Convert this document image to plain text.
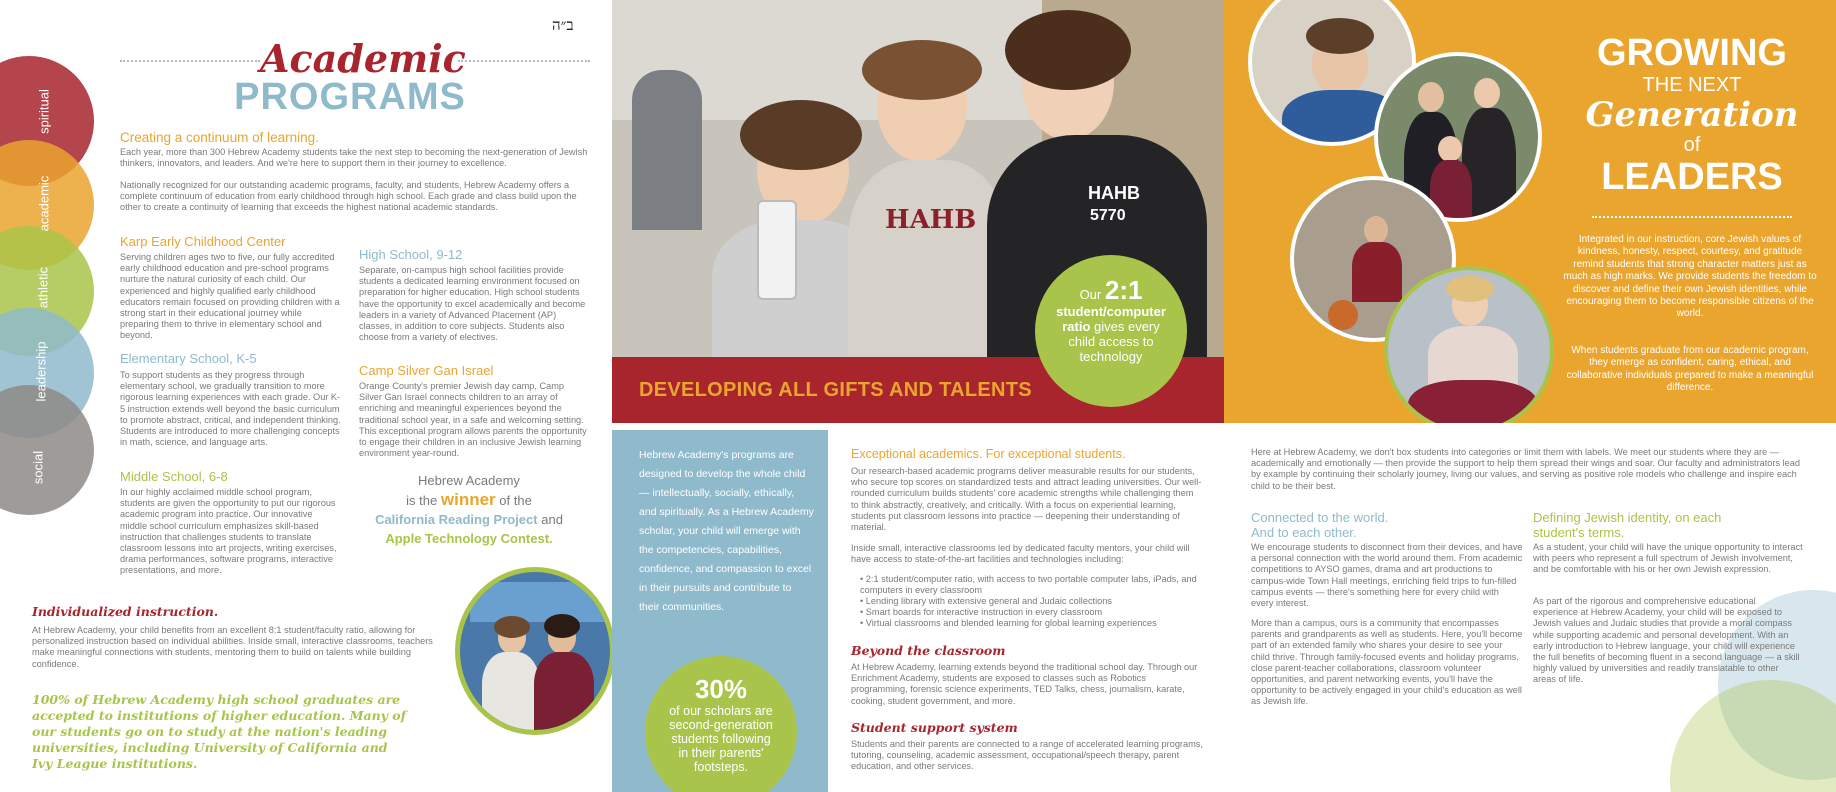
spiritual
academic
athletic
leadership
social
ב״ה
Academic
PROGRAMS
Creating a continuum of learning.

Each year, more than 300 Hebrew Academy students take the next step to becoming the next-generation of Jewish thinkers, innovators, and leaders. And we're here to support them in their journey to excellence.

Nationally recognized for our outstanding academic programs, faculty, and students, Hebrew Academy offers a complete continuum of education from early childhood through high school. Each grade and class build upon the other to create a continuity of learning that exceeds the highest national academic standards.

Karp Early Childhood Center

Serving children ages two to five, our fully accredited early childhood education and pre-school programs nurture the natural curiosity of each child. Our experienced and highly qualified early childhood educators remain focused on providing children with a strong start in their educational journey while preparing them to thrive in elementary school and beyond.

Elementary School, K-5

To support students as they progress through elementary school, we gradually transition to more rigorous learning experiences with each grade. Our K-5 instruction extends well beyond the basic curriculum to promote abstract, critical, and independent thinking. Students are introduced to more challenging concepts in math, science, and language arts.

Middle School, 6-8

In our highly acclaimed middle school program, students are given the opportunity to put our rigorous academic program into practice. Our innovative middle school curriculum emphasizes skill-based instruction that challenges students to translate classroom lessons into art projects, writing exercises, drama performances, software programs, interactive presentations, and more.

High School, 9-12

Separate, on-campus high school facilities provide students a dedicated learning environment focused on preparation for higher education. High school students have the opportunity to excel academically and become leaders in a variety of Advanced Placement (AP) classes, in addition to core subjects. Students also choose from a variety of electives.

Camp Silver Gan Israel

Orange County's premier Jewish day camp, Camp Silver Gan Israel connects children to an array of enriching and meaningful experiences beyond the traditional school year, in a safe and welcoming setting. This exceptional program allows parents the opportunity to engage their children in an inclusive Jewish learning environment year-round.

Hebrew Academy
is the winner of the
California Reading Project and
Apple Technology Contest.
Individualized instruction.

At Hebrew Academy, your child benefits from an excellent 8:1 student/faculty ratio, allowing for personalized instruction based on individual abilities. Inside small, interactive classrooms, teachers make meaningful connections with students, mentoring them to build on talents while building confidence.

100% of Hebrew Academy high school graduates are accepted to institutions of higher education. Many of our students go on to study at the nation's leading universities, including University of California and Ivy League institutions.
HAHB
HAHB
5770
DEVELOPING ALL GIFTS AND TALENTS
Our 2:1
student/computer
ratio gives every
child access to
technology
Hebrew Academy's programs are designed to develop the whole child — intellectually, socially, ethically, and spiritually. As a Hebrew Academy scholar, your child will emerge with the competencies, capabilities, confidence, and compassion to excel in their pursuits and contribute to their communities.
30%
of our scholars are
second-generation
students following
in their parents'
footsteps.
Exceptional academics. For exceptional students.

Our research-based academic programs deliver measurable results for our students, who secure top scores on standardized tests and attract leading universities. Our well-rounded curriculum builds students' core academic strengths while challenging them to think abstractly, creatively, and critically. With a focus on experiential learning, students put classroom lessons into practice — deepening their understanding of material.

Inside small, interactive classrooms led by dedicated faculty mentors, your child will have access to state-of-the-art facilities and technologies including:

• 2:1 student/computer ratio, with access to two portable computer labs, iPads, and computers in every classroom
• Lending library with extensive general and Judaic collections
• Smart boards for interactive instruction in every classroom
• Virtual classrooms and blended learning for global learning experiences
Beyond the classroom

At Hebrew Academy, learning extends beyond the traditional school day. Through our Enrichment Academy, students are exposed to classes such as Robotics programming, forensic science experiments, TED Talks, chess, journalism, karate, cooking, student government, and more.

Student support system

Students and their parents are connected to a range of accelerated learning programs, tutoring, counseling, academic assessment, occupational/speech therapy, parent education, and other services.

GROWING
THE NEXT
Generation
of
LEADERS
Integrated in our instruction, core Jewish values of kindness, honesty, respect, courtesy, and gratitude remind students that strong character matters just as much as high marks. We provide students the freedom to discover and define their own Jewish identities, while encouraging them to become responsible citizens of the world.
When students graduate from our academic program, they emerge as confident, caring, ethical, and collaborative individuals prepared to make a meaningful difference.

Here at Hebrew Academy, we don't box students into categories or limit them with labels. We meet our students where they are — academically and emotionally — then provide the support to help them spread their wings and soar. Our faculty and administrators lead by example by continuing their scholarly journey, living our values, and serving as positive role models who challenge and inspire each child to be their best.

Connected to the world.
And to each other.

We encourage students to disconnect from their devices, and have a personal connection with the world around them. From academic competitions to AYSO games, drama and art productions to campus-wide Town Hall meetings, enriching field trips to fun-filled campus events — there's something here for every child with every interest.

More than a campus, ours is a community that encompasses parents and grandparents as well as students. Here, you'll become part of an extended family who shares your desire to see your child thrive. Through family-focused events and holiday programs, close parent-teacher collaborations, classroom volunteer opportunities, and parent networking events, you'll have the opportunity to be actively engaged in your child's education as well as Jewish life.

Defining Jewish identity, on each
student's terms.

As a student, your child will have the unique opportunity to interact with peers who represent a full spectrum of Jewish involvement, and be comfortable with his or her own Jewish expression.

As part of the rigorous and comprehensive educational experience at Hebrew Academy, your child will be exposed to Jewish values and Judaic studies that provide a moral compass while supporting academic and personal development. With an early introduction to Hebrew language, your child will experience the full benefits of becoming fluent in a second language — a skill highly valued by universities and readily translatable to other areas of life.
